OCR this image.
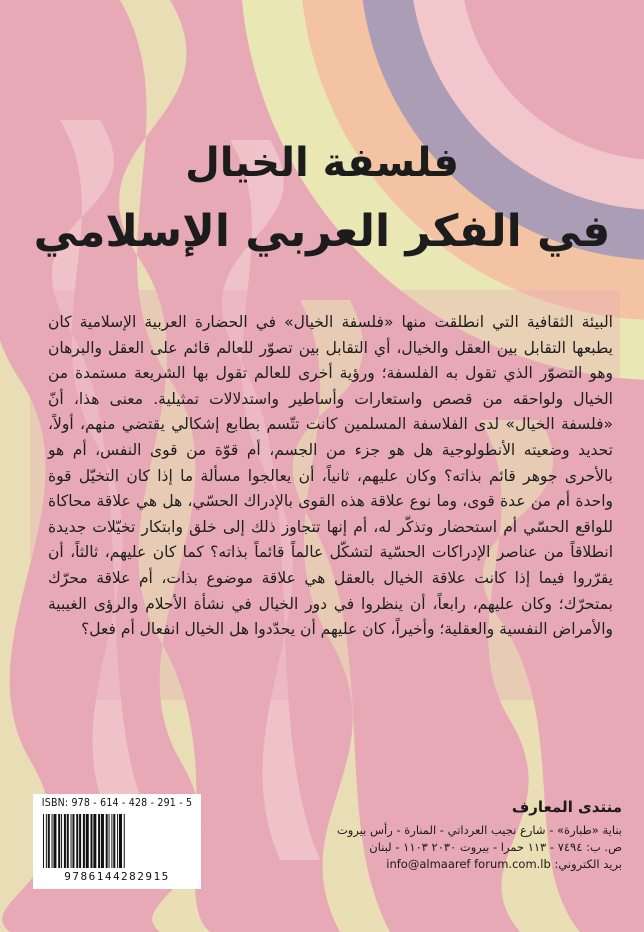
فلسفة الخيال
في الفكر العربي الإسلامي

البيئة الثقافية التي انطلقت منها «فلسفة الخيال» في الحضارة العربية الإسلامية كان يطبعها التقابل بين العقل والخيال، أي التقابل بين تصوّر للعالم قائم على العقل والبرهان وهو التصوّر الذي تقول به الفلسفة؛ ورؤية أخرى للعالم تقول بها الشريعة مستمدة من الخيال ولواحقه من قصص واستعارات وأساطير واستدلالات تمثيلية. معنى هذا، أنّ «فلسفة الخيال» لدى الفلاسفة المسلمين كانت تتّسم بطابع إشكالي يقتضي منهم، أولاً، تحديد وضعيته الأنطولوجية هل هو جزء من الجسم، أم قوّة من قوى النفس، أم هو بالأحرى جوهر قائم بذاته؟ وكان عليهم، ثانياً، أن يعالجوا مسألة ما إذا كان التخيّل قوة واحدة أم من عدة قوى، وما نوع علاقة هذه القوى بالإدراك الحسّي، هل هي علاقة محاكاة للواقع الحسّي أم استحضار وتذكّر له، أم إنها تتجاوز ذلك إلى خلق وابتكار تخيّلات جديدة انطلاقاً من عناصر الإدراكات الحسّية لتشكّل عالماً قائماً بذاته؟ كما كان عليهم، ثالثاً، أن يقرّروا فيما إذا كانت علاقة الخيال بالعقل هي علاقة موضوع بذات، أم علاقة محرّك بمتحرّك؛ وكان عليهم، رابعاً، أن ينظروا في دور الخيال في نشأة الأحلام والرؤى الغيبية والأمراض النفسية والعقلية؛ وأخيراً، كان عليهم أن يحدّدوا هل الخيال انفعال أم فعل؟

ISBN: 978 - 614 - 428 - 291 - 5
9786144282915
منتدى المعارف
بناية «طبارة» - شارع نجيب العرداتي - المنارة - رأس بيروت
ص. ب: ٧٤٩٤ - ١١٣ حمرا - بيروت ٢٠٣٠ ١١٠٣ - لبنان
بريد الكتروني: info@almaaref forum.com.lb
